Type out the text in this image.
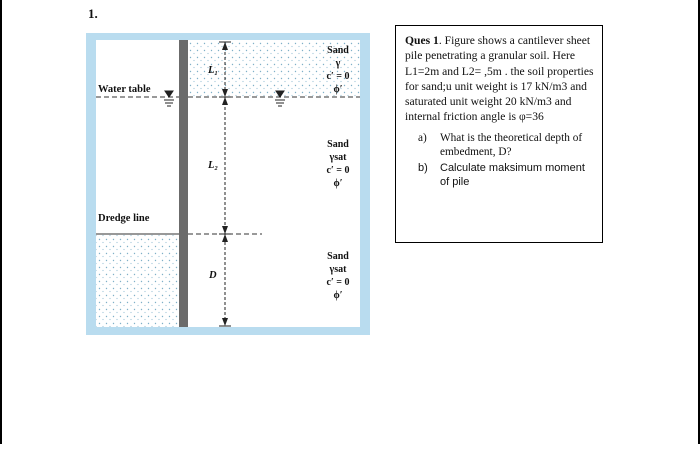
1.
Water table
Dredge line
L₁
L₂
D
Sand
γ
c′ = 0
ϕ′
Sand
γsat
c′ = 0
ϕ′
Sand
γsat
c′ = 0
ϕ′
Ques 1. Figure shows a cantilever sheet pile penetrating a granular soil. Here L1=2m and L2= ,5m . the soil properties for sand;u unit weight is 17 kN/m3 and saturated unit weight 20 kN/m3 and internal friction angle is φ=36
a)	What is the theoretical depth of embedment, D?
b)	Calculate maksimum moment of pile
